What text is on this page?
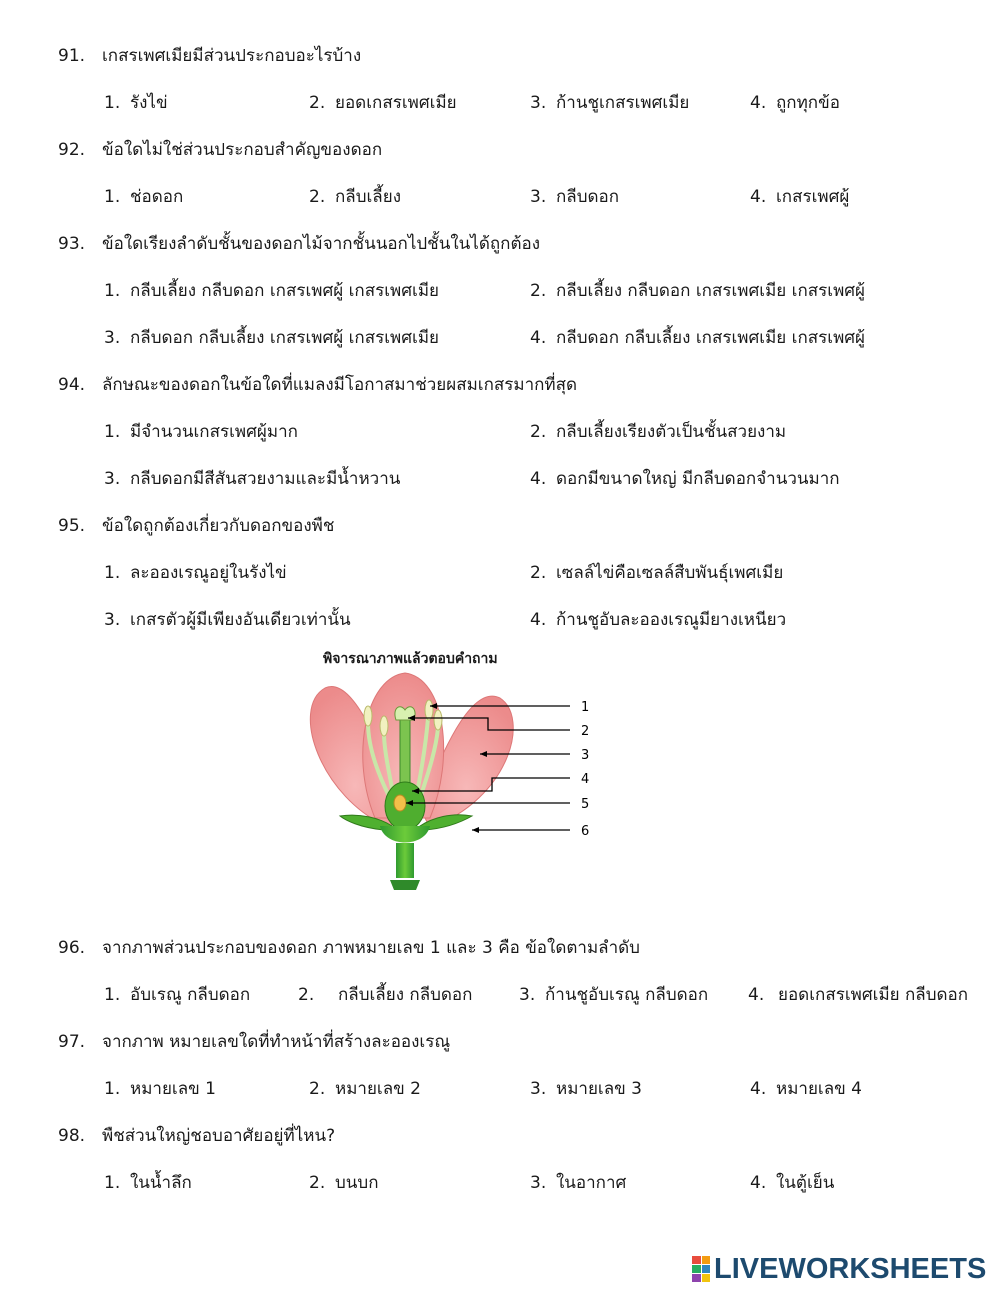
91. เกสรเพศเมียมีส่วนประกอบอะไรบ้าง
1. รังไข่	2. ยอดเกสรเพศเมีย	3. ก้านชูเกสรเพศเมีย	4. ถูกทุกข้อ
92. ข้อใดไม่ใช่ส่วนประกอบสำคัญของดอก
1. ช่อดอก	2. กลีบเลี้ยง	3. กลีบดอก	4. เกสรเพศผู้
93. ข้อใดเรียงลำดับชั้นของดอกไม้จากชั้นนอกไปชั้นในได้ถูกต้อง
1. กลีบเลี้ยง กลีบดอก เกสรเพศผู้ เกสรเพศเมีย	2. กลีบเลี้ยง กลีบดอก เกสรเพศเมีย เกสรเพศผู้
3. กลีบดอก กลีบเลี้ยง เกสรเพศผู้ เกสรเพศเมีย	4. กลีบดอก กลีบเลี้ยง เกสรเพศเมีย เกสรเพศผู้
94. ลักษณะของดอกในข้อใดที่แมลงมีโอกาสมาช่วยผสมเกสรมากที่สุด
1. มีจำนวนเกสรเพศผู้มาก	2. กลีบเลี้ยงเรียงตัวเป็นชั้นสวยงาม
3. กลีบดอกมีสีสันสวยงามและมีน้ำหวาน	4. ดอกมีขนาดใหญ่ มีกลีบดอกจำนวนมาก
95. ข้อใดถูกต้องเกี่ยวกับดอกของพืช
1. ละอองเรณูอยู่ในรังไข่	2. เซลล์ไข่คือเซลล์สืบพันธุ์เพศเมีย
3. เกสรตัวผู้มีเพียงอันเดียวเท่านั้น	4. ก้านชูอับละอองเรณูมียางเหนียว
พิจารณาภาพแล้วตอบคำถาม
1
2
3
4
5
6
96. จากภาพส่วนประกอบของดอก ภาพหมายเลข 1 และ 3 คือ ข้อใดตามลำดับ
1. อับเรณู กลีบดอก	2. กลีบเลี้ยง กลีบดอก	3. ก้านชูอับเรณู กลีบดอก 4. ยอดเกสรเพศเมีย กลีบดอก
97. จากภาพ หมายเลขใดที่ทำหน้าที่สร้างละอองเรณู
1. หมายเลข 1	2. หมายเลข 2	3. หมายเลข 3	4. หมายเลข 4
98. พืชส่วนใหญ่ชอบอาศัยอยู่ที่ไหน?
1. ในน้ำลึก	2. บนบก	3. ในอากาศ	4. ในตู้เย็น
LIVEWORKSHEETS
